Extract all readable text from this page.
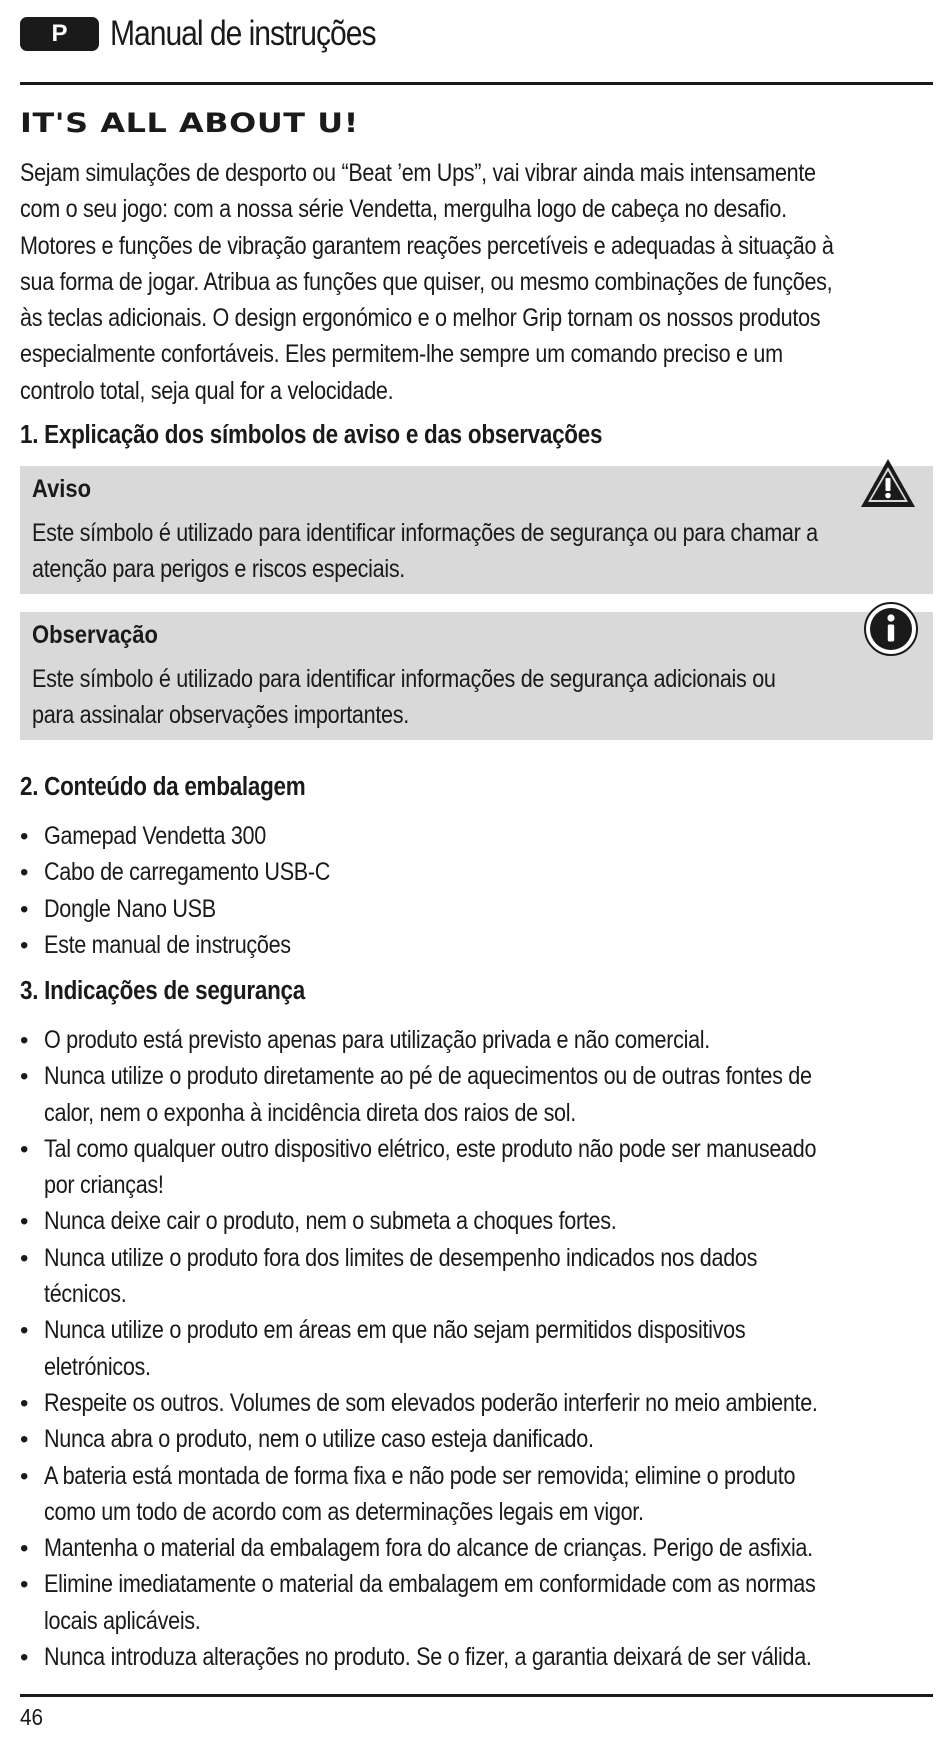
P	Manual de instruções
IT'S ALL ABOUT U!
Sejam simulações de desporto ou “Beat ’em Ups”, vai vibrar ainda mais intensamente
com o seu jogo: com a nossa série Vendetta, mergulha logo de cabeça no desafio.
Motores e funções de vibração garantem reações percetíveis e adequadas à situação à
sua forma de jogar. Atribua as funções que quiser, ou mesmo combinações de funções,
às teclas adicionais. O design ergonómico e o melhor Grip tornam os nossos produtos
especialmente confortáveis. Eles permitem-lhe sempre um comando preciso e um
controlo total, seja qual for a velocidade.
1. Explicação dos símbolos de aviso e das observações
Aviso
Este símbolo é utilizado para identificar informações de segurança ou para chamar a
atenção para perigos e riscos especiais.
Observação
Este símbolo é utilizado para identificar informações de segurança adicionais ou
para assinalar observações importantes.
2. Conteúdo da embalagem
• Gamepad Vendetta 300
• Cabo de carregamento USB-C
• Dongle Nano USB
• Este manual de instruções
3. Indicações de segurança
• O produto está previsto apenas para utilização privada e não comercial.
• Nunca utilize o produto diretamente ao pé de aquecimentos ou de outras fontes de
calor, nem o exponha à incidência direta dos raios de sol.
• Tal como qualquer outro dispositivo elétrico, este produto não pode ser manuseado
por crianças!
• Nunca deixe cair o produto, nem o submeta a choques fortes.
• Nunca utilize o produto fora dos limites de desempenho indicados nos dados
técnicos.
• Nunca utilize o produto em áreas em que não sejam permitidos dispositivos
eletrónicos.
• Respeite os outros. Volumes de som elevados poderão interferir no meio ambiente.
• Nunca abra o produto, nem o utilize caso esteja danificado.
• A bateria está montada de forma fixa e não pode ser removida; elimine o produto
como um todo de acordo com as determinações legais em vigor.
• Mantenha o material da embalagem fora do alcance de crianças. Perigo de asfixia.
• Elimine imediatamente o material da embalagem em conformidade com as normas
locais aplicáveis.
• Nunca introduza alterações no produto. Se o fizer, a garantia deixará de ser válida.
46
